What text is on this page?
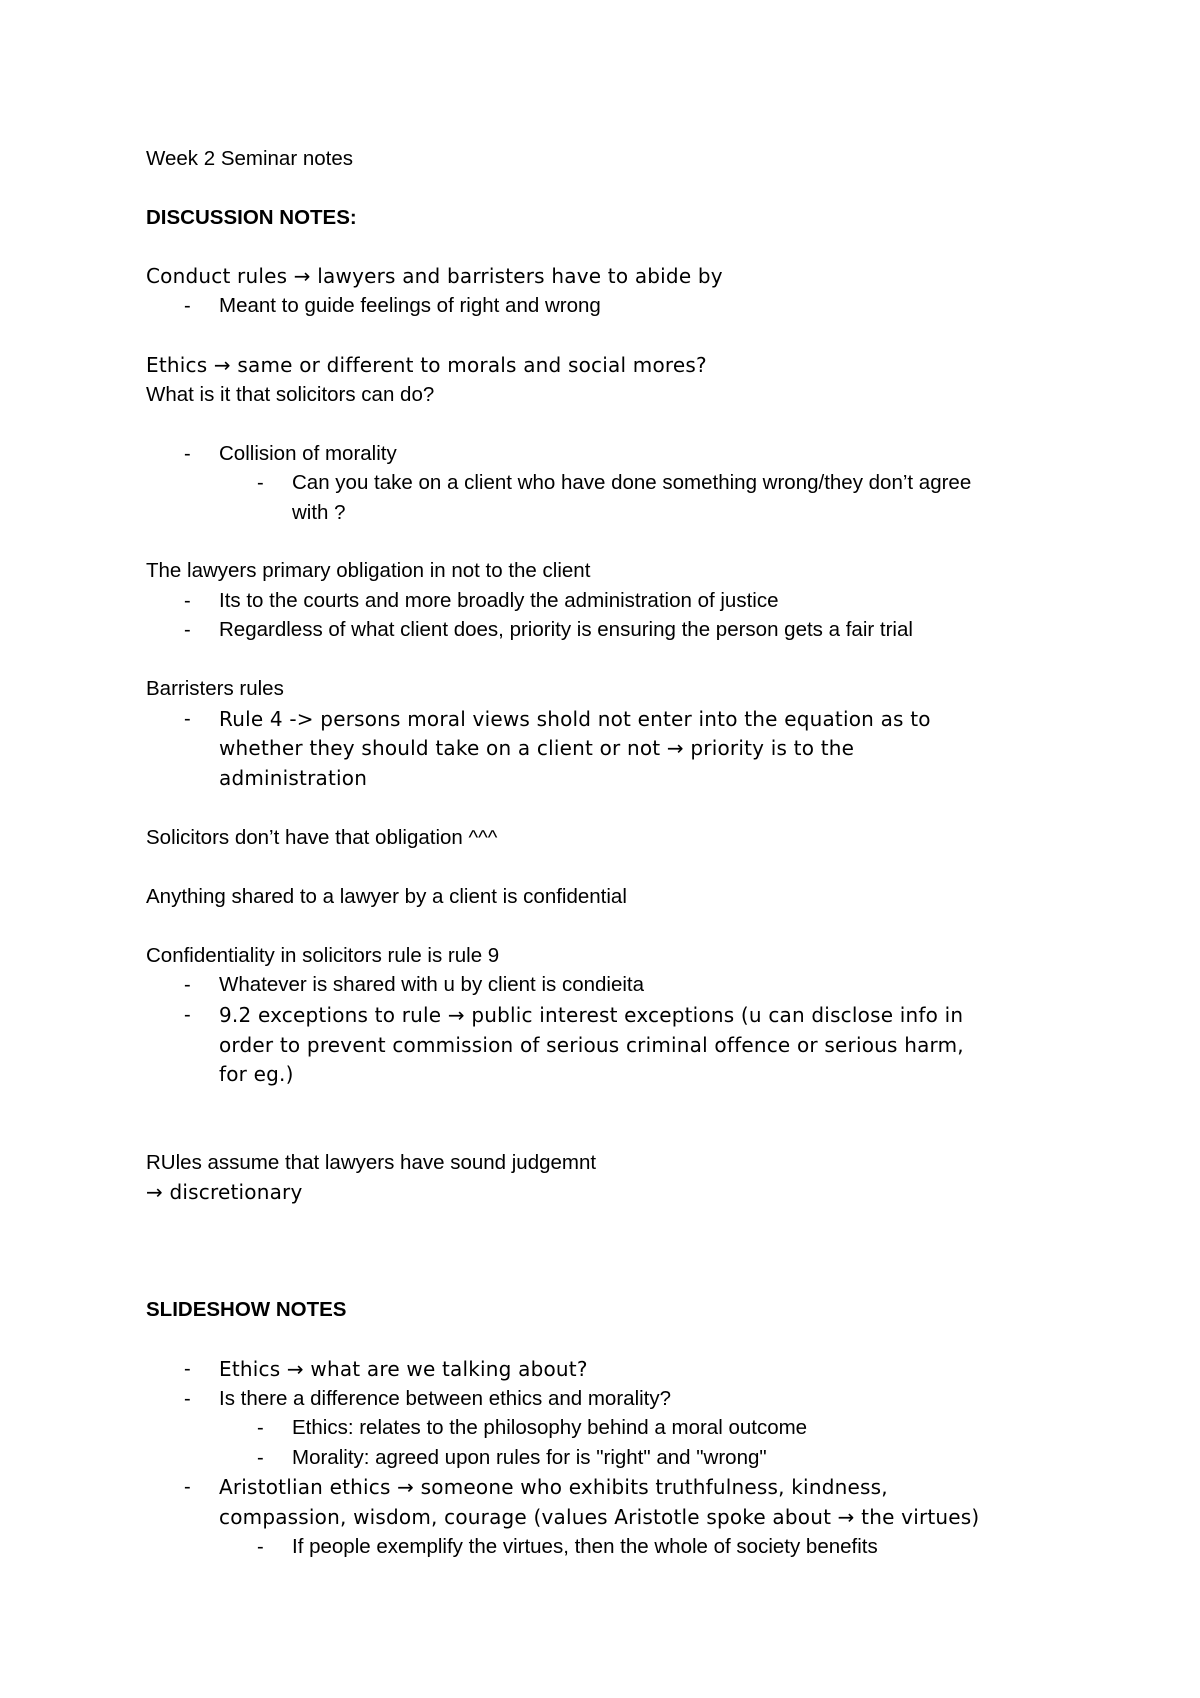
Week 2 Seminar notes
DISCUSSION NOTES:
Conduct rules → lawyers and barristers have to abide by
- Meant to guide feelings of right and wrong
Ethics → same or different to morals and social mores?
What is it that solicitors can do?
- Collision of morality
- Can you take on a client who have done something wrong/they don’t agree
with ?
The lawyers primary obligation in not to the client
- Its to the courts and more broadly the administration of justice
- Regardless of what client does, priority is ensuring the person gets a fair trial
Barristers rules
- Rule 4 -> persons moral views shold not enter into the equation as to
whether they should take on a client or not → priority is to the
administration
Solicitors don’t have that obligation ^^^
Anything shared to a lawyer by a client is confidential
Confidentiality in solicitors rule is rule 9
- Whatever is shared with u by client is condieita
- 9.2 exceptions to rule → public interest exceptions (u can disclose info in
order to prevent commission of serious criminal offence or serious harm,
for eg.)
RUles assume that lawyers have sound judgemnt
→ discretionary
SLIDESHOW NOTES
- Ethics → what are we talking about?
- Is there a difference between ethics and morality?
- Ethics: relates to the philosophy behind a moral outcome
- Morality: agreed upon rules for is "right" and "wrong"
- Aristotlian ethics → someone who exhibits truthfulness, kindness,
compassion, wisdom, courage (values Aristotle spoke about → the virtues)
- If people exemplify the virtues, then the whole of society benefits
